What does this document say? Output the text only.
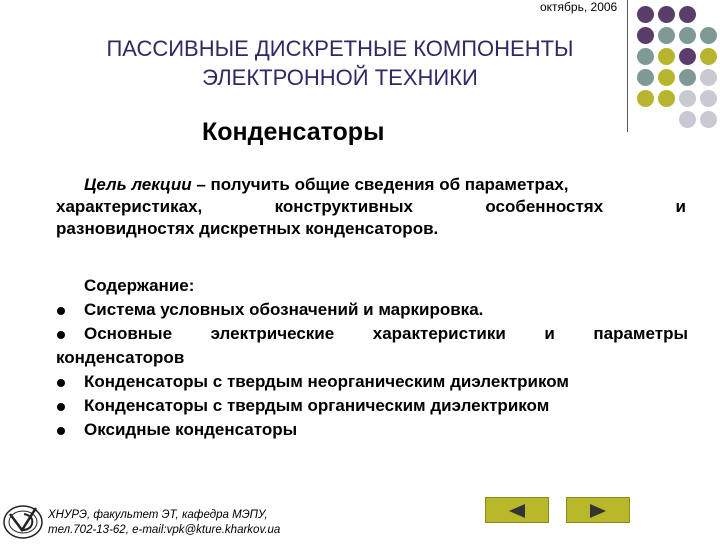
октябрь, 2006
ПАССИВНЫЕ ДИСКРЕТНЫЕ КОМПОНЕНТЫ
ЭЛЕКТРОННОЙ ТЕХНИКИ
Конденсаторы
Цель лекции – получить общие сведения об параметрах,
характеристиках,	конструктивных	особенностях	и
разновидностях дискретных конденсаторов.
Содержание:
Система условных обозначений и маркировка.
Основные электрические характеристики и параметры
конденсаторов
Конденсаторы с твердым неорганическим диэлектриком
Конденсаторы с твердым органическим диэлектриком
Оксидные конденсаторы
ХНУРЭ, факультет ЭТ, кафедра МЭПУ,
тел.702-13-62, e-mail:vpk@kture.kharkov.ua
